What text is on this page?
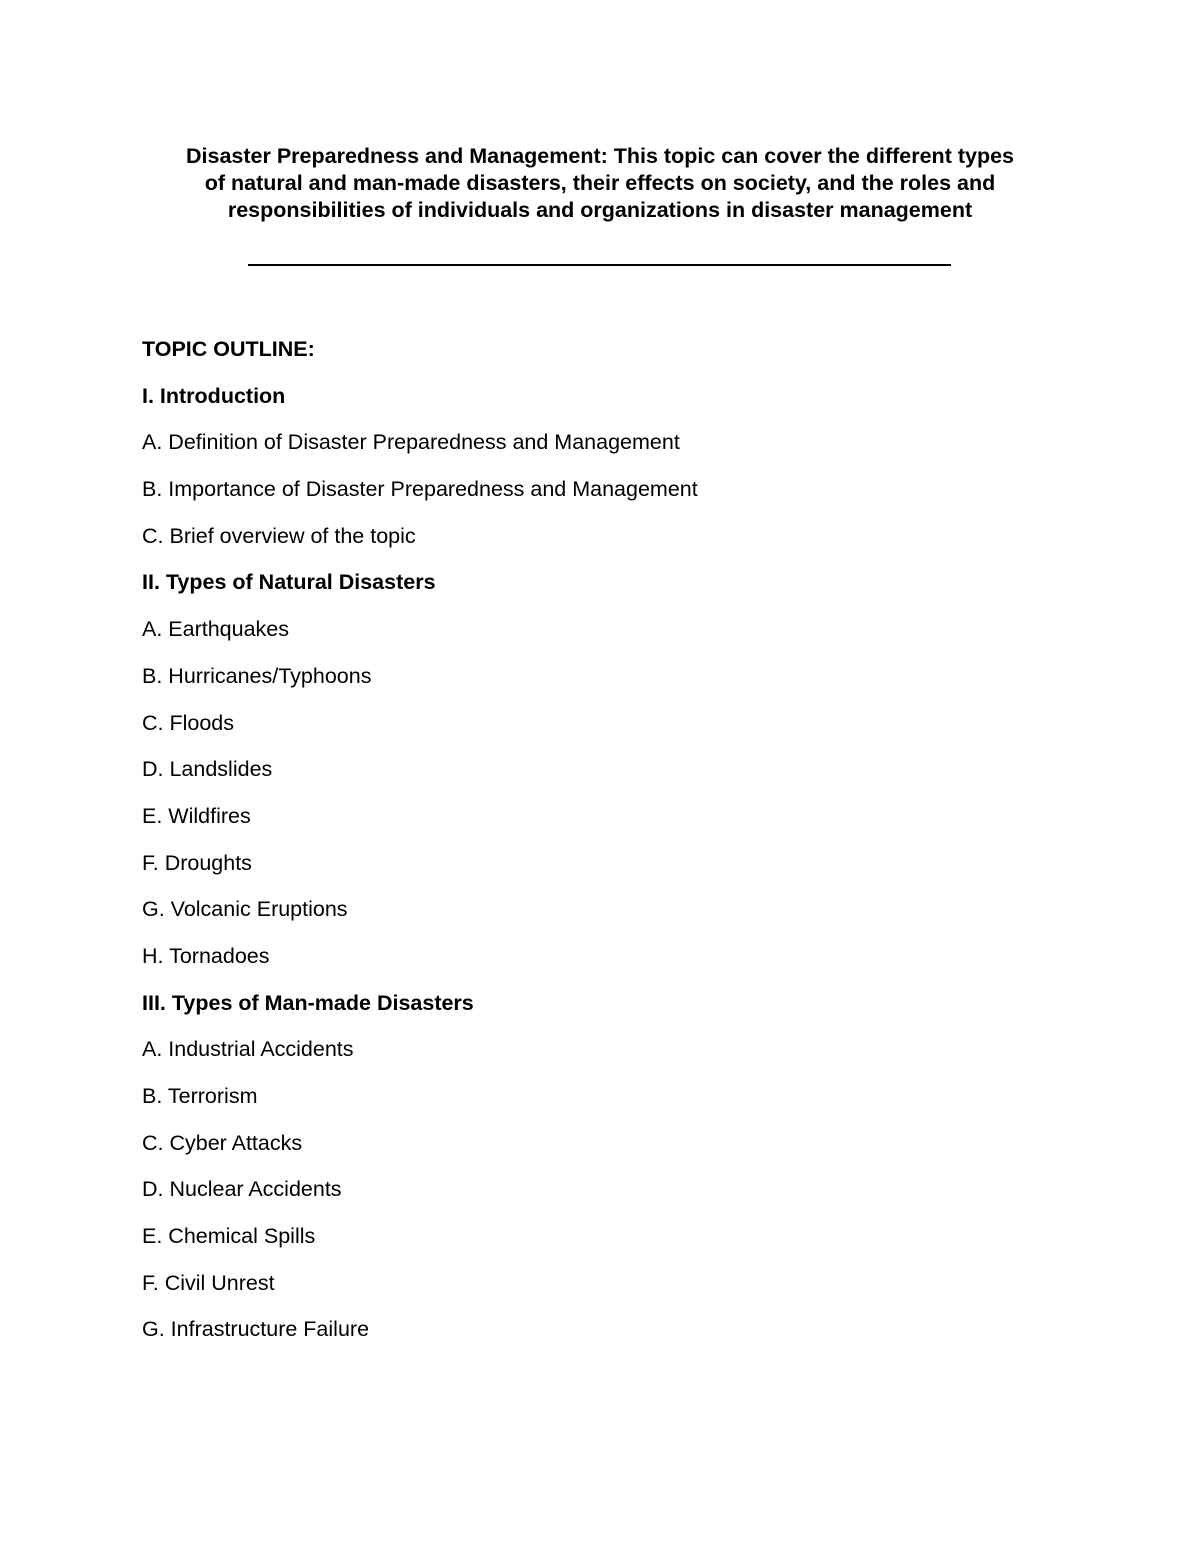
Disaster Preparedness and Management: This topic can cover the different types
of natural and man-made disasters, their effects on society, and the roles and
responsibilities of individuals and organizations in disaster management
TOPIC OUTLINE:
I. Introduction
A. Definition of Disaster Preparedness and Management
B. Importance of Disaster Preparedness and Management
C. Brief overview of the topic
II. Types of Natural Disasters
A. Earthquakes
B. Hurricanes/Typhoons
C. Floods
D. Landslides
E. Wildfires
F. Droughts
G. Volcanic Eruptions
H. Tornadoes
III. Types of Man-made Disasters
A. Industrial Accidents
B. Terrorism
C. Cyber Attacks
D. Nuclear Accidents
E. Chemical Spills
F. Civil Unrest
G. Infrastructure Failure
